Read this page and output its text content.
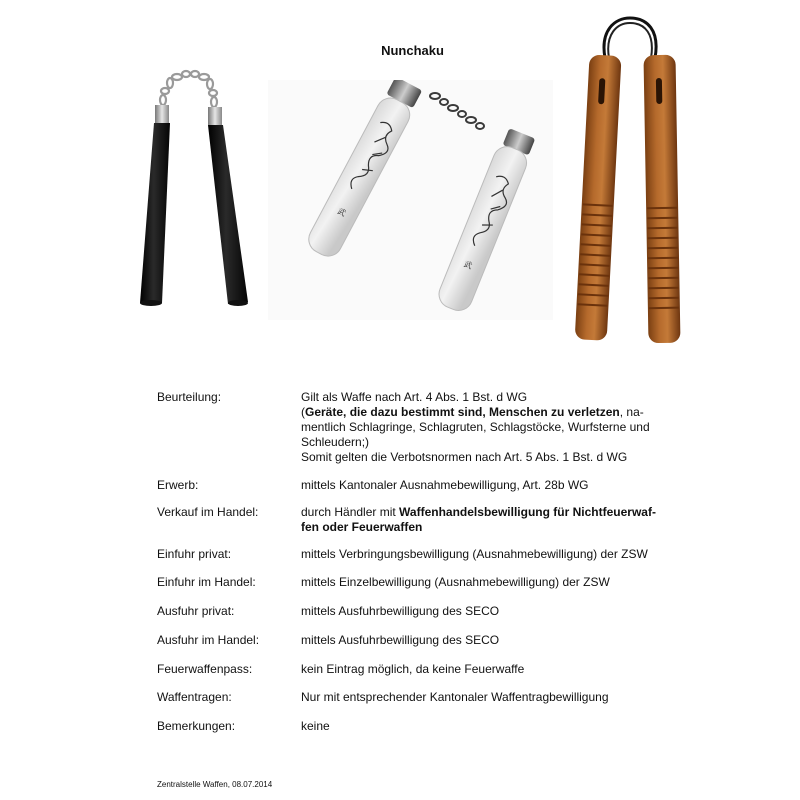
Nunchaku
武
武
Beurteilung:	Gilt als Waffe nach Art. 4 Abs. 1 Bst. d WG
(Geräte, die dazu bestimmt sind, Menschen zu verletzen, na-
mentlich Schlagringe, Schlagruten, Schlagstöcke, Wurfsterne und
Schleudern;)
Somit gelten die Verbotsnormen nach Art. 5 Abs. 1 Bst. d WG
Erwerb:	mittels Kantonaler Ausnahmebewilligung, Art. 28b WG
Verkauf im Handel:	durch Händler mit Waffenhandelsbewilligung für Nichtfeuerwaf-
fen oder Feuerwaffen
Einfuhr privat:	mittels Verbringungsbewilligung (Ausnahmebewilligung) der ZSW
Einfuhr im Handel:	mittels Einzelbewilligung (Ausnahmebewilligung) der ZSW
Ausfuhr privat:	mittels Ausfuhrbewilligung des SECO
Ausfuhr im Handel:	mittels Ausfuhrbewilligung des SECO
Feuerwaffenpass:	kein Eintrag möglich, da keine Feuerwaffe
Waffentragen:	Nur mit entsprechender Kantonaler Waffentragbewilligung
Bemerkungen:	keine
Zentralstelle Waffen, 08.07.2014
